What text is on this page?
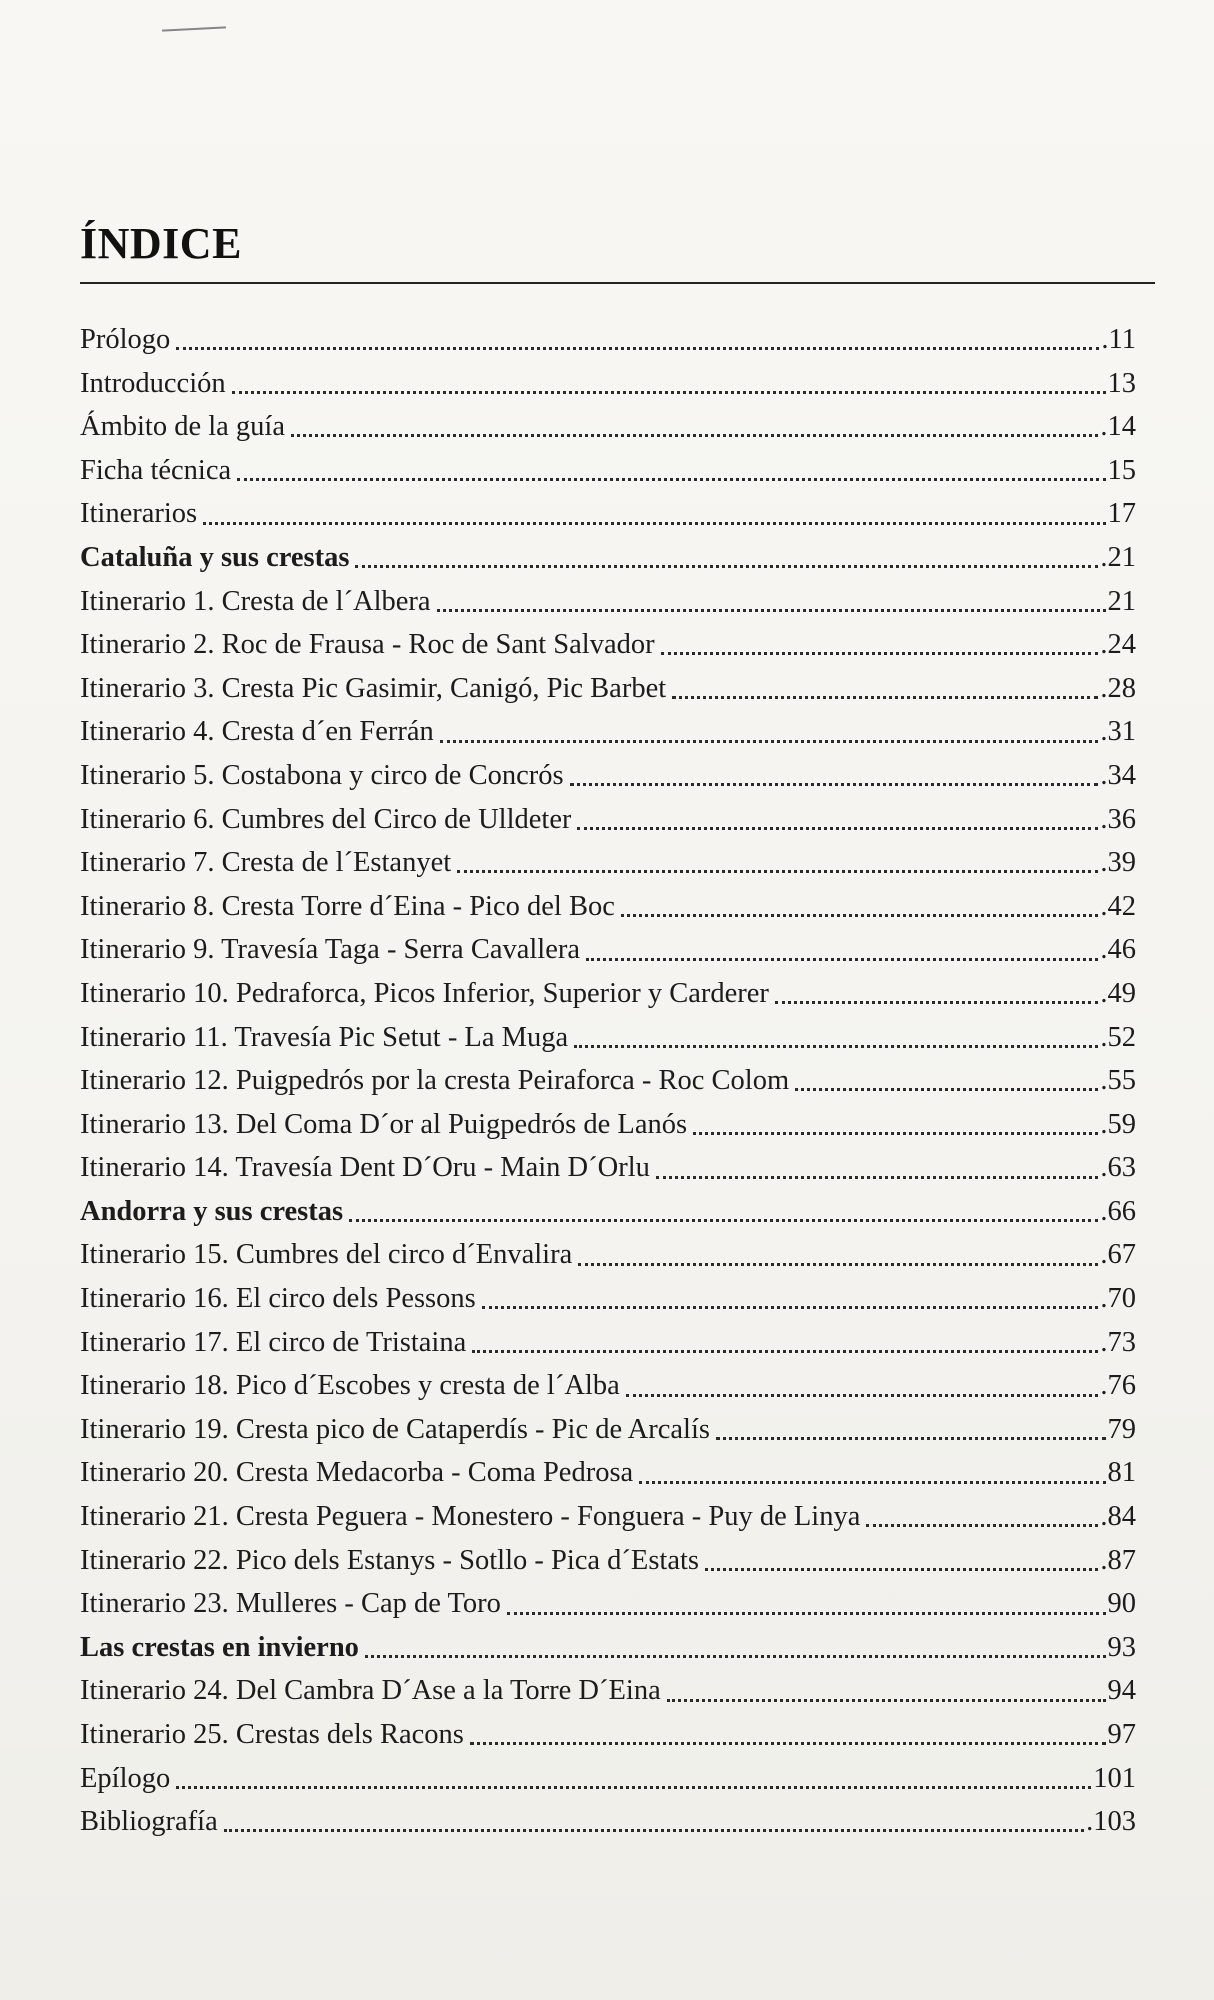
ÍNDICE
Prólogo	.11
Introducción	13
Ámbito de la guía	.14
Ficha técnica	15
Itinerarios	17
Cataluña y sus crestas	.21
Itinerario 1. Cresta de l´Albera	21
Itinerario 2. Roc de Frausa - Roc de Sant Salvador	.24
Itinerario 3. Cresta Pic Gasimir, Canigó, Pic Barbet	.28
Itinerario 4. Cresta d´en Ferrán	.31
Itinerario 5. Costabona y circo de Concrós	.34
Itinerario 6. Cumbres del Circo de Ulldeter	.36
Itinerario 7. Cresta de l´Estanyet	.39
Itinerario 8. Cresta Torre d´Eina - Pico del Boc	.42
Itinerario 9. Travesía Taga - Serra Cavallera	.46
Itinerario 10. Pedraforca, Picos Inferior, Superior y Carderer	.49
Itinerario 11. Travesía Pic Setut - La Muga	.52
Itinerario 12. Puigpedrós por la cresta Peiraforca - Roc Colom	.55
Itinerario 13. Del Coma D´or al Puigpedrós de Lanós	.59
Itinerario 14. Travesía Dent D´Oru - Main D´Orlu	.63
Andorra y sus crestas	.66
Itinerario 15. Cumbres del circo d´Envalira	.67
Itinerario 16. El circo dels Pessons	.70
Itinerario 17. El circo de Tristaina	.73
Itinerario 18. Pico d´Escobes y cresta de l´Alba	.76
Itinerario 19. Cresta pico de Cataperdís - Pic de Arcalís	79
Itinerario 20. Cresta Medacorba - Coma Pedrosa	81
Itinerario 21. Cresta Peguera - Monestero - Fonguera - Puy de Linya	.84
Itinerario 22. Pico dels Estanys - Sotllo - Pica d´Estats	.87
Itinerario 23. Mulleres - Cap de Toro	90
Las crestas en invierno	93
Itinerario 24. Del Cambra D´Ase a la Torre D´Eina	94
Itinerario 25. Crestas dels Racons	97
Epílogo	101
Bibliografía	.103
